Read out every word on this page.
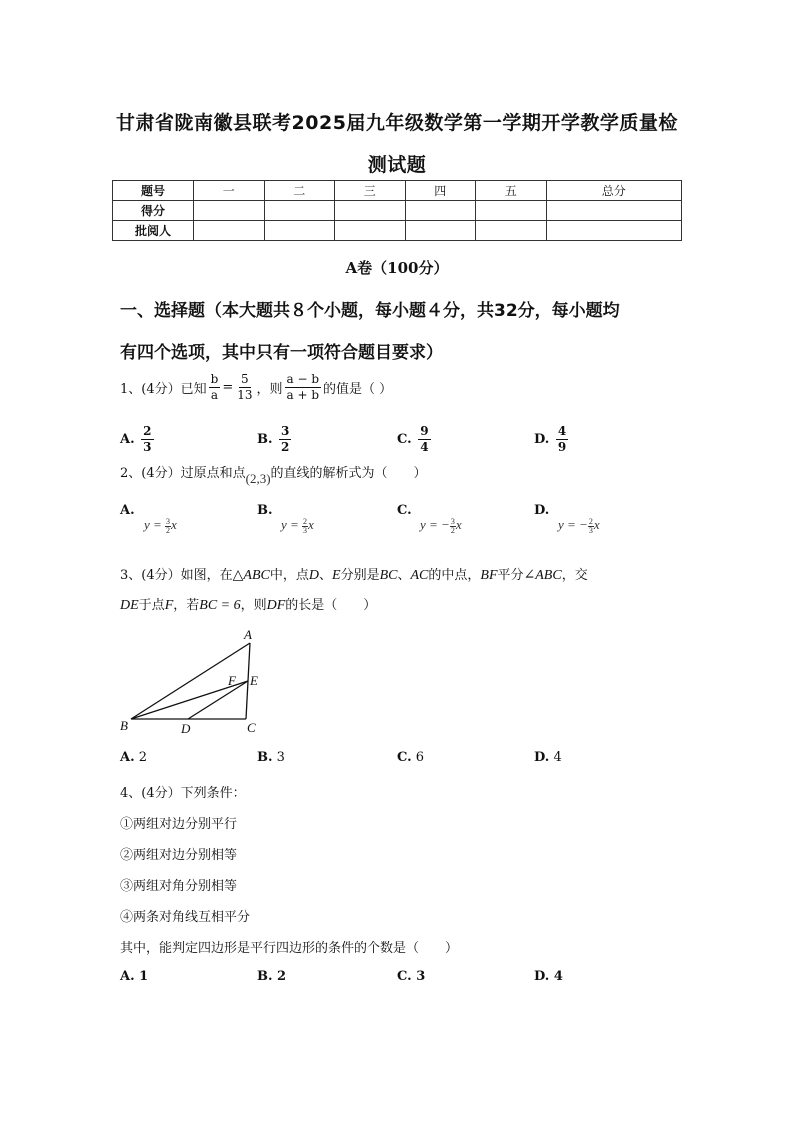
甘肃省陇南徽县联考2025届九年级数学第一学期开学教学质量检
测试题
题号	一	二	三	四	五	总分
得分						
批阅人						
A卷（100分）
一、选择题（本大题共８个小题，每小题４分，共32分，每小题均
有四个选项，其中只有一项符合题目要求）
1、(4分）已知 $\frac{b}{a} = \frac{5}{13}$ ，则 $\frac{a - b}{a + b}$ 的值是（ ）
A. $\frac{2}{3}$	B. $\frac{3}{2}$	C. $\frac{9}{4}$	D. $\frac{4}{9}$
2、(4分）过原点和点(2,3)的直线的解析式为（　　）
A.
$y = \frac{3}{2}$ x
B.
$y = \frac{2}{3}$ x
C.
y = − $\frac{3}{2}$ x
D.
y = − $\frac{2}{3}$ x
3、(4分）如图，在△ABC中，点D、E分别是BC、AC的中点，BF平分∠ABC，交
DE于点F，若BC = 6，则DF的长是（　　）
A
B	C
D
E
F
A. 2	B. 3	C. 6	D. 4
4、(4分）下列条件：
①两组对边分别平行
②两组对边分别相等
③两组对角分别相等
④两条对角线互相平分
其中，能判定四边形是平行四边形的条件的个数是（　　）
A. 1	B. 2	C. 3	D. 4
